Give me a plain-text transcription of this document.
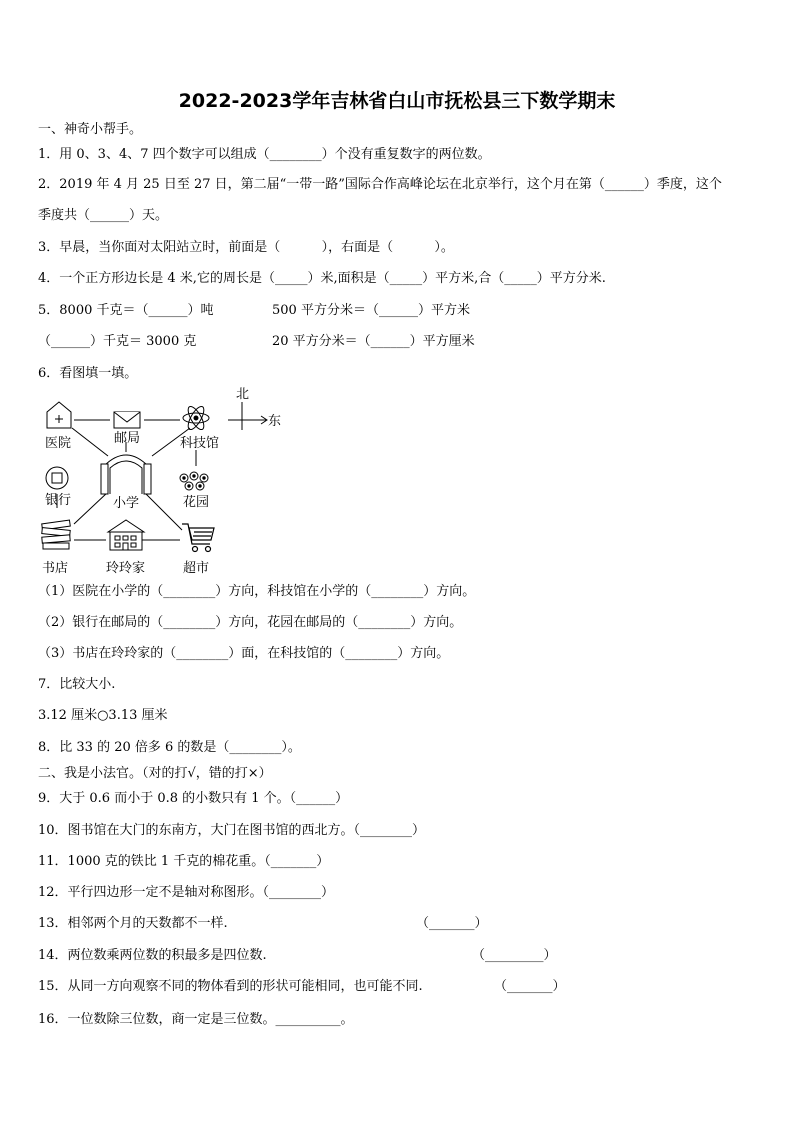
2022-2023学年吉林省白山市抚松县三下数学期末
一、神奇小帮手。
1．用 0、3、4、7 四个数字可以组成（________）个没有重复数字的两位数。
2．2019 年 4 月 25 日至 27 日，第二届“一带一路”国际合作高峰论坛在北京举行，这个月在第（______）季度，这个
季度共（______）天。
3．早晨，当你面对太阳站立时，前面是（          ），右面是（          ）。
4．一个正方形边长是 4 米,它的周长是（_____）米,面积是（_____）平方米,合（_____）平方分米.
5．8000 千克＝（______）吨	500 平方分米＝（______）平方米
（______）千克＝ 3000 克	20 平方分米＝（______）平方厘米
6．看图填一填。
北
东
医院	邮局	科技馆
银行	小学	花园
书店	玲玲家	超市
（1）医院在小学的（________）方向，科技馆在小学的（________）方向。
（2）银行在邮局的（________）方向，花园在邮局的（________）方向。
（3）书店在玲玲家的（________）面，在科技馆的（________）方向。
7．比较大小.
3.12 厘米○3.13 厘米
8．比 33 的 20 倍多 6 的数是（________）。
二、我是小法官。（对的打√，错的打×）
9．大于 0.6 而小于 0.8 的小数只有 1 个。（______）
10．图书馆在大门的东南方，大门在图书馆的西北方。（________）
11．1000 克的铁比 1 千克的棉花重。（_______）
12．平行四边形一定不是轴对称图形。（________）
13．相邻两个月的天数都不一样.	（_______）
14．两位数乘两位数的积最多是四位数.	（_________）
15．从同一方向观察不同的物体看到的形状可能相同，也可能不同.	（_______）
16．一位数除三位数，商一定是三位数。__________。
